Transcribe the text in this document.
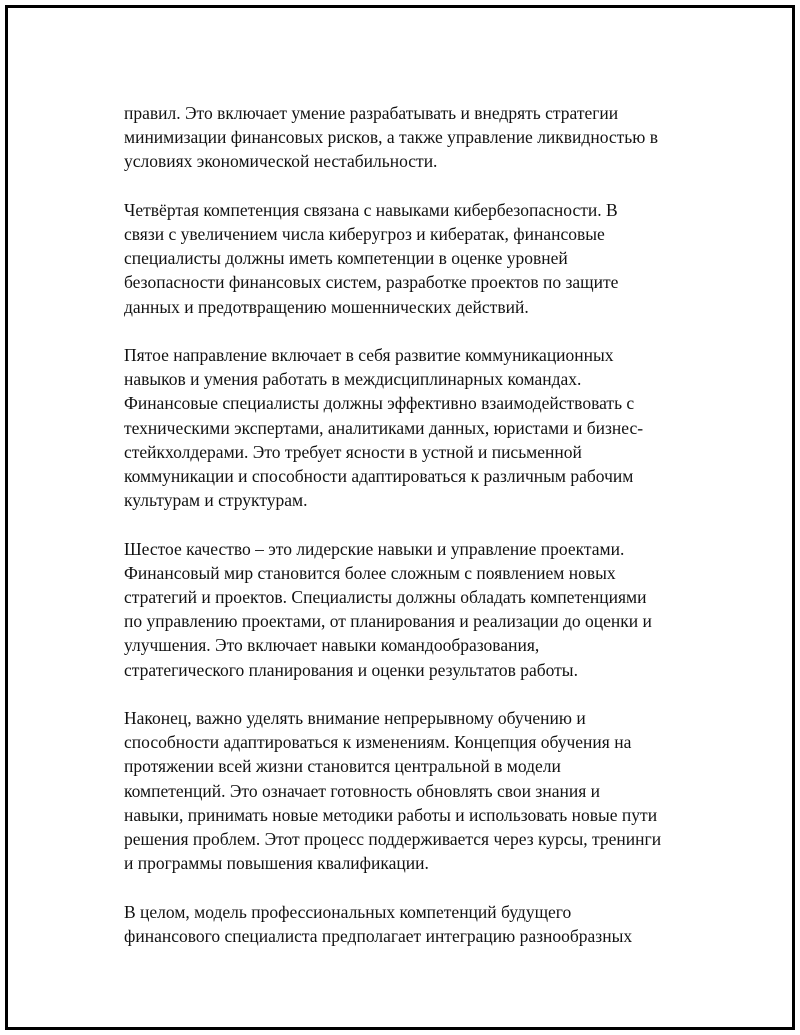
правил. Это включает умение разрабатывать и внедрять стратегии
минимизации финансовых рисков, а также управление ликвидностью в
условиях экономической нестабильности.

Четвёртая компетенция связана с навыками кибербезопасности. В
связи с увеличением числа киберугроз и кибератак, финансовые
специалисты должны иметь компетенции в оценке уровней
безопасности финансовых систем, разработке проектов по защите
данных и предотвращению мошеннических действий.

Пятое направление включает в себя развитие коммуникационных
навыков и умения работать в междисциплинарных командах.
Финансовые специалисты должны эффективно взаимодействовать с
техническими экспертами, аналитиками данных, юристами и бизнес-
стейкхолдерами. Это требует ясности в устной и письменной
коммуникации и способности адаптироваться к различным рабочим
культурам и структурам.

Шестое качество – это лидерские навыки и управление проектами.
Финансовый мир становится более сложным с появлением новых
стратегий и проектов. Специалисты должны обладать компетенциями
по управлению проектами, от планирования и реализации до оценки и
улучшения. Это включает навыки командообразования,
стратегического планирования и оценки результатов работы.

Наконец, важно уделять внимание непрерывному обучению и
способности адаптироваться к изменениям. Концепция обучения на
протяжении всей жизни становится центральной в модели
компетенций. Это означает готовность обновлять свои знания и
навыки, принимать новые методики работы и использовать новые пути
решения проблем. Этот процесс поддерживается через курсы, тренинги
и программы повышения квалификации.

В целом, модель профессиональных компетенций будущего
финансового специалиста предполагает интеграцию разнообразных
